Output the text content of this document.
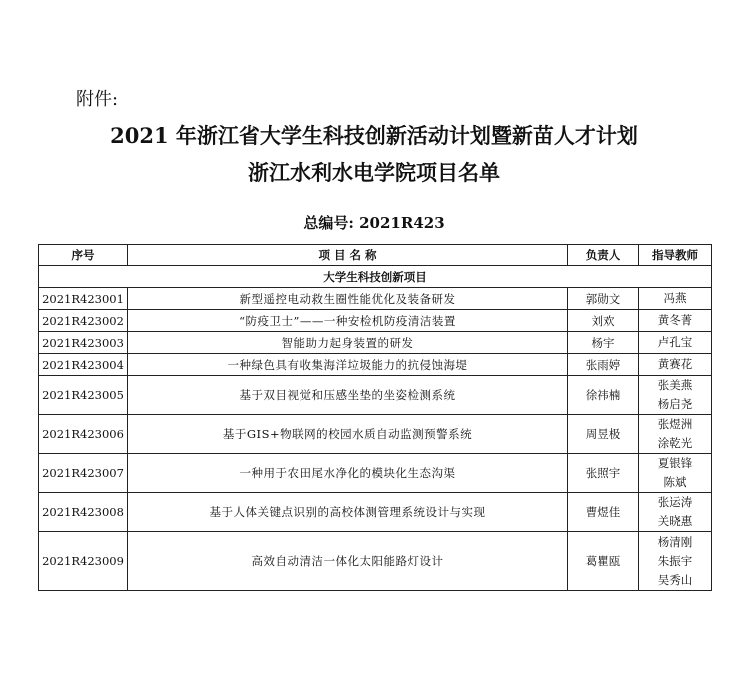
附件:
2021 年浙江省大学生科技创新活动计划暨新苗人才计划
浙江水利水电学院项目名单
总编号: 2021R423
序号	项 目 名 称	负责人	指导教师
大学生科技创新项目			
2021R423001	新型遥控电动救生圈性能优化及装备研发	郭勋文	冯燕

2021R423002	“防疫卫士”——一种安检机防疫清洁装置	刘欢	黄冬菁

2021R423003	智能助力起身装置的研发	杨宇	卢孔宝

2021R423004	一种绿色具有收集海洋垃圾能力的抗侵蚀海堤	张雨婷	黄赛花

2021R423005	基于双目视觉和压感坐垫的坐姿检测系统	徐祎楠	张美燕
杨启尧

2021R423006	基于GIS+物联网的校园水质自动监测预警系统	周昱极	张煜洲
涂乾光

2021R423007	一种用于农田尾水净化的模块化生态沟渠	张照宇	夏银锋
陈斌

2021R423008	基于人体关键点识别的高校体测管理系统设计与实现	曹煜佳	张运涛
关晓惠

2021R423009	高效自动清洁一体化太阳能路灯设计	葛瞿瓯	杨清刚
朱振宇
吴秀山
